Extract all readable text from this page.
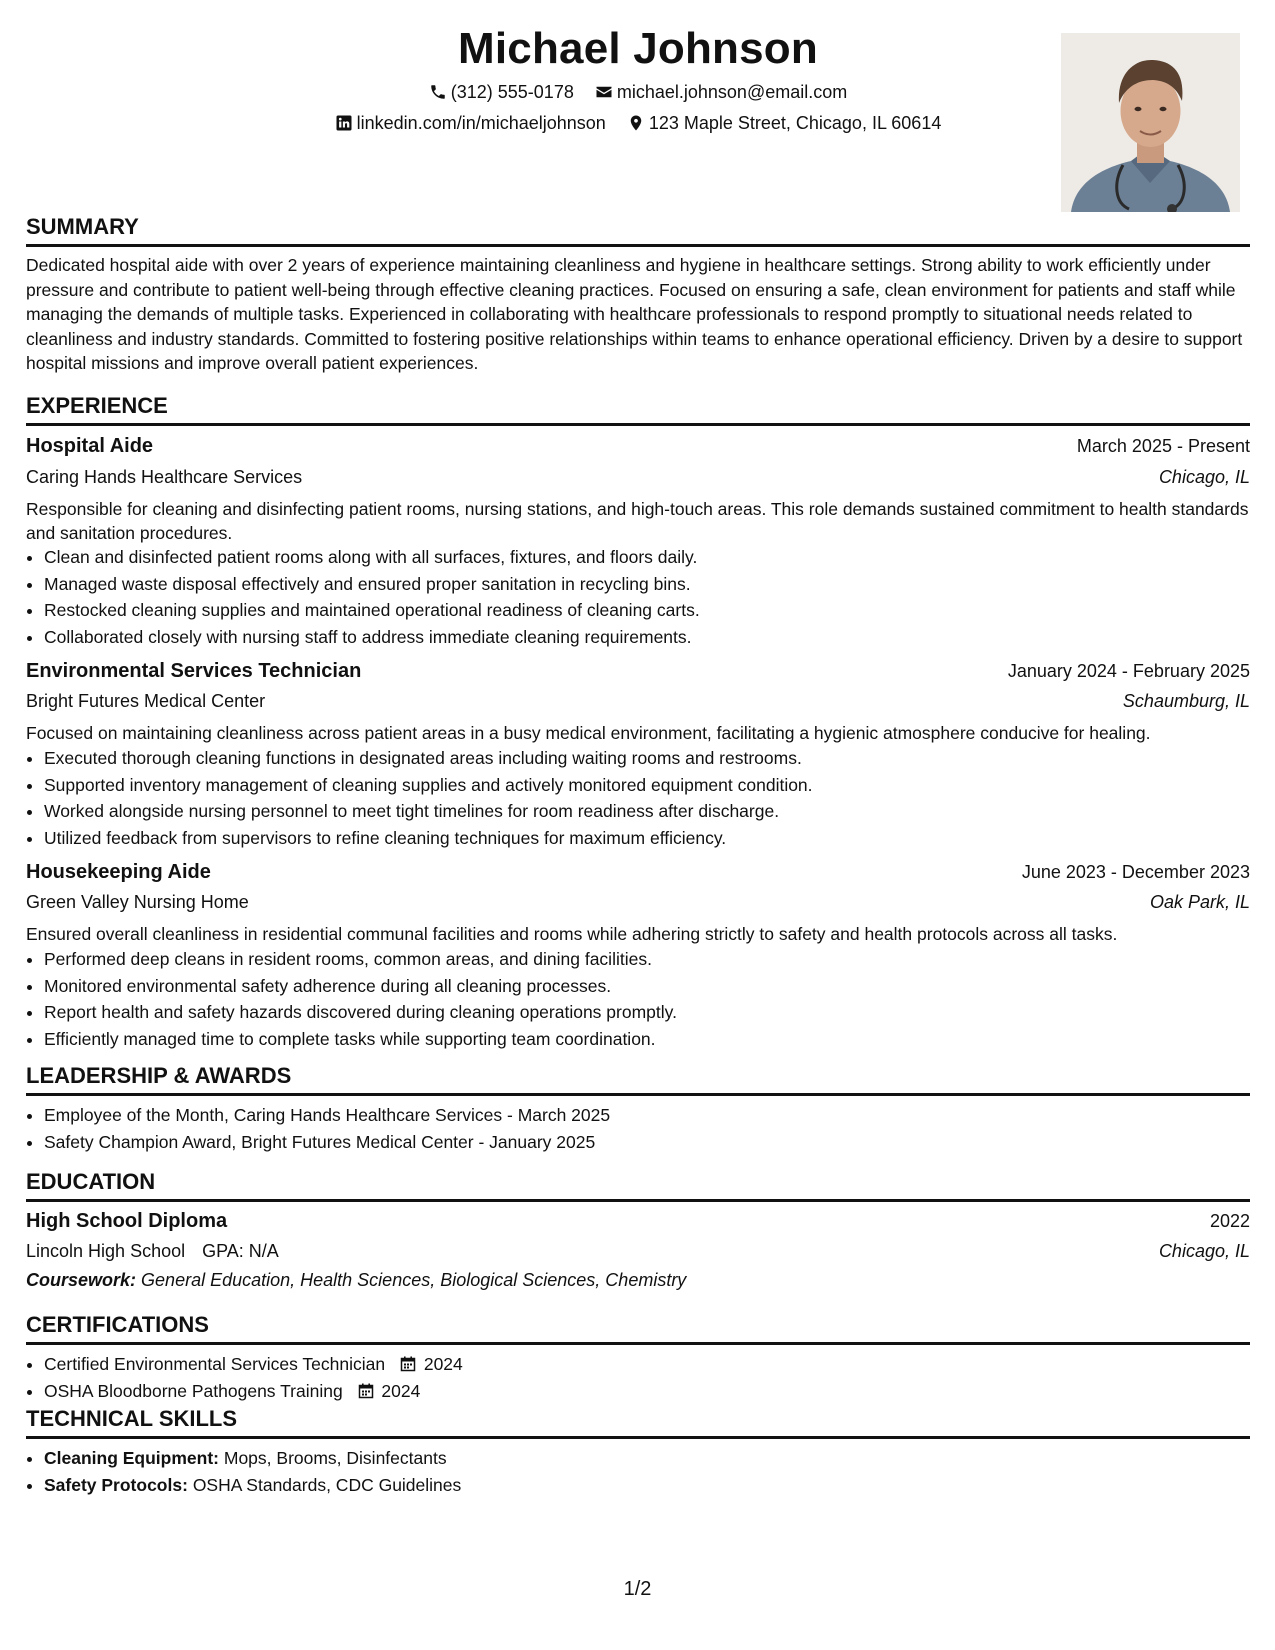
Michael Johnson
(312) 555-0178
michael.johnson@email.com
linkedin.com/in/michaeljohnson
123 Maple Street, Chicago, IL 60614
SUMMARY

Dedicated hospital aide with over 2 years of experience maintaining cleanliness and hygiene in healthcare settings. Strong ability to work efficiently under pressure and contribute to patient well-being through effective cleaning practices. Focused on ensuring a safe, clean environment for patients and staff while managing the demands of multiple tasks. Experienced in collaborating with healthcare professionals to respond promptly to situational needs related to cleanliness and industry standards. Committed to fostering positive relationships within teams to enhance operational efficiency. Driven by a desire to support hospital missions and improve overall patient experiences.

EXPERIENCE
Hospital Aide	March 2025 - Present
Caring Hands Healthcare Services	Chicago, IL

Responsible for cleaning and disinfecting patient rooms, nursing stations, and high-touch areas. This role demands sustained commitment to health standards and sanitation procedures.

• Clean and disinfected patient rooms along with all surfaces, fixtures, and floors daily.
• Managed waste disposal effectively and ensured proper sanitation in recycling bins.
• Restocked cleaning supplies and maintained operational readiness of cleaning carts.
• Collaborated closely with nursing staff to address immediate cleaning requirements.
Environmental Services Technician	January 2024 - February 2025
Bright Futures Medical Center	Schaumburg, IL

Focused on maintaining cleanliness across patient areas in a busy medical environment, facilitating a hygienic atmosphere conducive for healing.

• Executed thorough cleaning functions in designated areas including waiting rooms and restrooms.
• Supported inventory management of cleaning supplies and actively monitored equipment condition.
• Worked alongside nursing personnel to meet tight timelines for room readiness after discharge.
• Utilized feedback from supervisors to refine cleaning techniques for maximum efficiency.
Housekeeping Aide	June 2023 - December 2023
Green Valley Nursing Home	Oak Park, IL

Ensured overall cleanliness in residential communal facilities and rooms while adhering strictly to safety and health protocols across all tasks.

• Performed deep cleans in resident rooms, common areas, and dining facilities.
• Monitored environmental safety adherence during all cleaning processes.
• Report health and safety hazards discovered during cleaning operations promptly.
• Efficiently managed time to complete tasks while supporting team coordination.
LEADERSHIP & AWARDS
• Employee of the Month, Caring Hands Healthcare Services - March 2025
• Safety Champion Award, Bright Futures Medical Center - January 2025
EDUCATION
High School Diploma	2022
Lincoln High School GPA: N/A	Chicago, IL
Coursework: General Education, Health Sciences, Biological Sciences, Chemistry
CERTIFICATIONS
• Certified Environmental Services Technician 2024
• OSHA Bloodborne Pathogens Training 2024
TECHNICAL SKILLS
• Cleaning Equipment: Mops, Brooms, Disinfectants
• Safety Protocols: OSHA Standards, CDC Guidelines
1/2
